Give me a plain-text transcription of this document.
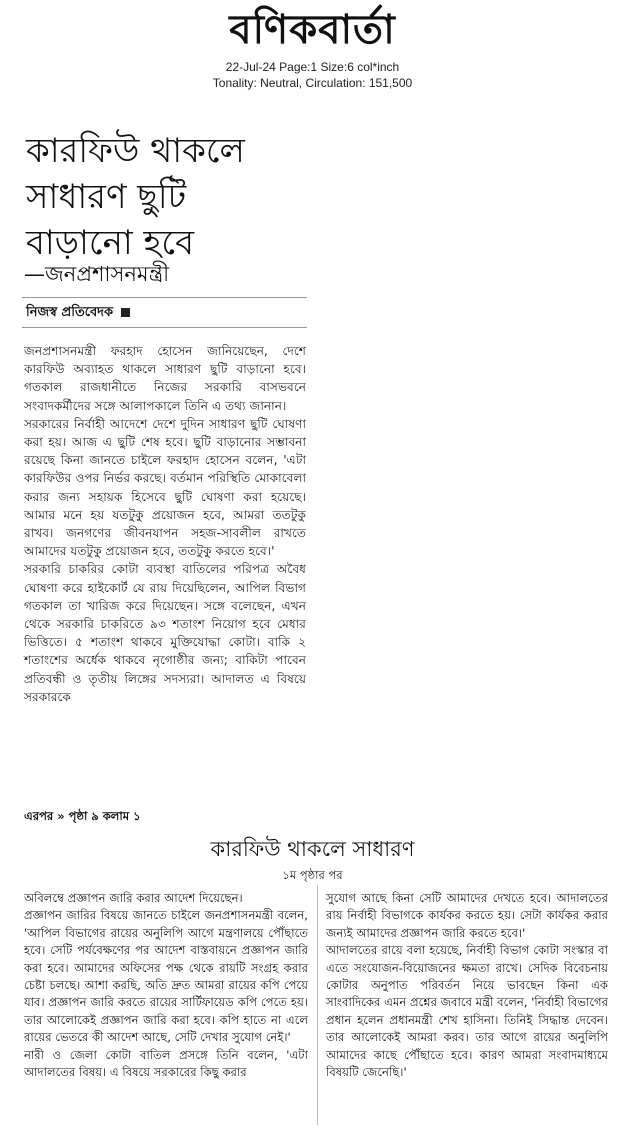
বণিকবার্তা
22-Jul-24 Page:1 Size:6 col*inch
Tonality: Neutral, Circulation: 151,500
কারফিউ থাকলে
সাধারণ ছুটি
বাড়ানো হবে
—জনপ্রশাসনমন্ত্রী
নিজস্ব প্রতিবেদক

জনপ্রশাসনমন্ত্রী ফরহাদ হোসেন জানিয়েছেন, দেশে কারফিউ অব্যাহত থাকলে সাধারণ ছুটি বাড়ানো হবে। গতকাল রাজধানীতে নিজের সরকারি বাসভবনে সংবাদকর্মীদের সঙ্গে আলাপকালে তিনি এ তথ্য জানান।

সরকারের নির্বাহী আদেশে দেশে দুদিন সাধারণ ছুটি ঘোষণা করা হয়। আজ এ ছুটি শেষ হবে। ছুটি বাড়ানোর সম্ভাবনা রয়েছে কিনা জানতে চাইলে ফরহাদ হোসেন বলেন, 'এটা কারফিউর ওপর নির্ভর করছে। বর্তমান পরিস্থিতি মোকাবেলা করার জন্য সহায়ক হিসেবে ছুটি ঘোষণা করা হয়েছে। আমার মনে হয় যতটুকু প্রয়োজন হবে, আমরা ততটুকু রাখব। জনগণের জীবনযাপন সহজ-সাবলীল রাখতে আমাদের যতটুকু প্রয়োজন হবে, ততটুকু করতে হবে।'

সরকারি চাকরির কোটা ব্যবস্থা বাতিলের পরিপত্র অবৈধ ঘোষণা করে হাইকোর্ট যে রায় দিয়েছিলেন, আপিল বিভাগ গতকাল তা খারিজ করে দিয়েছেন। সঙ্গে বলেছেন, এখন থেকে সরকারি চাকরিতে ৯৩ শতাংশ নিয়োগ হবে মেধার ভিত্তিতে। ৫ শতাংশ থাকবে মুক্তিযোদ্ধা কোটা। বাকি ২ শতাংশের অর্ধেক থাকবে নৃগোষ্ঠীর জন্য; বাকিটা পাবেন প্রতিবন্ধী ও তৃতীয় লিঙ্গের সদস্যরা। আদালত এ বিষয়ে সরকারকে

এরপর » পৃষ্ঠা ৯ কলাম ১
কারফিউ থাকলে সাধারণ
১ম পৃষ্ঠার পর

অবিলম্বে প্রজ্ঞাপন জারি করার আদেশ দিয়েছেন।

প্রজ্ঞাপন জারির বিষয়ে জানতে চাইলে জনপ্রশাসনমন্ত্রী বলেন, 'আপিল বিভাগের রায়ের অনুলিপি আগে মন্ত্রণালয়ে পৌঁছাতে হবে। সেটি পর্যবেক্ষণের পর আদেশ বাস্তবায়নে প্রজ্ঞাপন জারি করা হবে। আমাদের অফিসের পক্ষ থেকে রায়টি সংগ্রহ করার চেষ্টা চলছে। আশা করছি, অতি দ্রুত আমরা রায়ের কপি পেয়ে যাব। প্রজ্ঞাপন জারি করতে রায়ের সার্টিফায়েড কপি পেতে হয়। তার আলোকেই প্রজ্ঞাপন জারি করা হবে। কপি হাতে না এলে রায়ের ভেতরে কী আদেশ আছে, সেটি দেখার সুযোগ নেই।'

নারী ও জেলা কোটা বাতিল প্রসঙ্গে তিনি বলেন, 'এটা আদালতের বিষয়। এ বিষয়ে সরকারের কিছু করার

সুযোগ আছে কিনা সেটি আমাদের দেখতে হবে। আদালতের রায় নির্বাহী বিভাগকে কার্যকর করতে হয়। সেটা কার্যকর করার জন্যই আমাদের প্রজ্ঞাপন জারি করতে হবে।'

আদালতের রায়ে বলা হয়েছে, নির্বাহী বিভাগ কোটা সংস্কার বা এতে সংযোজন-বিয়োজনের ক্ষমতা রাখে। সেদিক বিবেচনায় কোটার অনুপাত পরিবর্তন নিয়ে ভাবছেন কিনা এক সাংবাদিকের এমন প্রশ্নের জবাবে মন্ত্রী বলেন, 'নির্বাহী বিভাগের প্রধান হলেন প্রধানমন্ত্রী শেখ হাসিনা। তিনিই সিদ্ধান্ত দেবেন। তার আলোকেই আমরা করব। তার আগে রায়ের অনুলিপি আমাদের কাছে পৌঁছাতে হবে। কারণ আমরা সংবাদমাধ্যমে বিষয়টি জেনেছি।'
